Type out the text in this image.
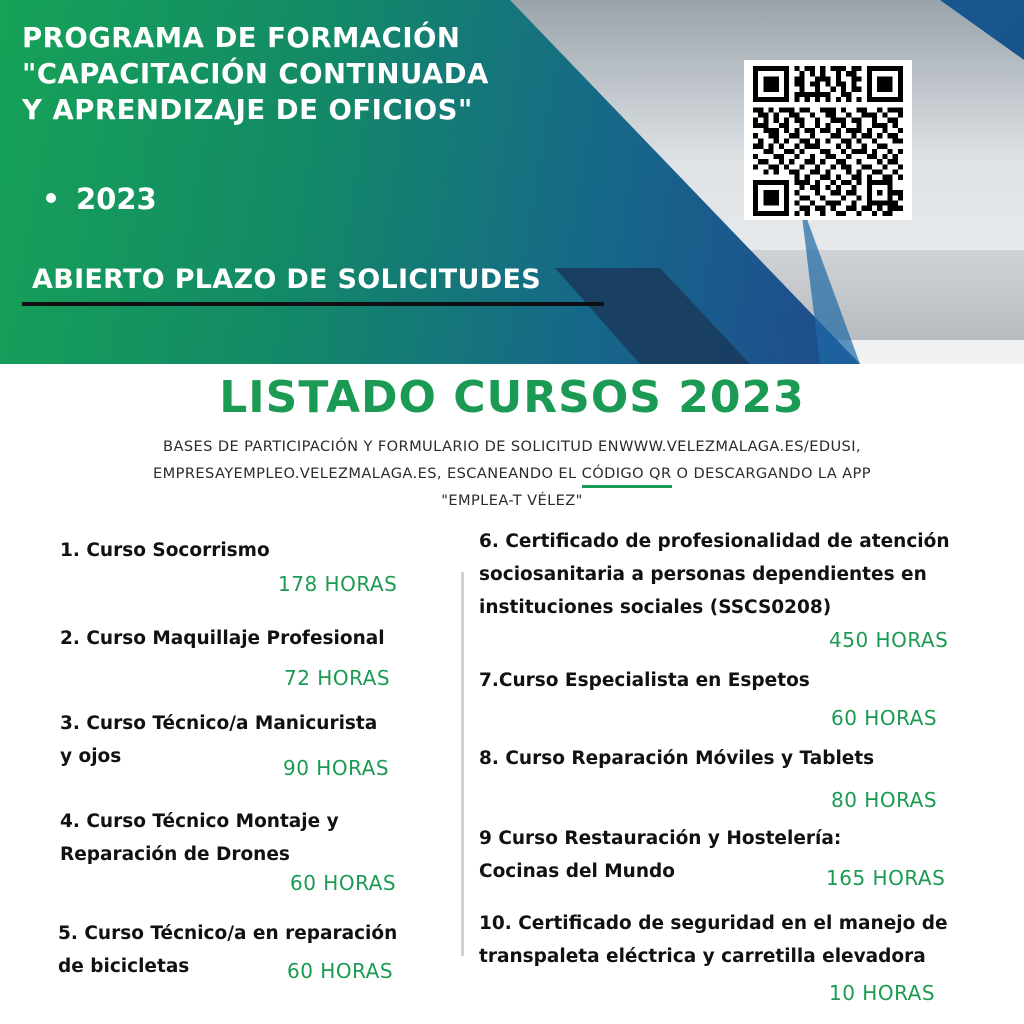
PROGRAMA DE FORMACIÓN
"CAPACITACIÓN CONTINUADA
Y APRENDIZAJE DE OFICIOS"
2023
ABIERTO PLAZO DE SOLICITUDES
LISTADO CURSOS 2023
BASES DE PARTICIPACIÓN Y FORMULARIO DE SOLICITUD ENWWW.VELEZMALAGA.ES/EDUSI,
EMPRESAYEMPLEO.VELEZMALAGA.ES, ESCANEANDO EL CÓDIGO QR O DESCARGANDO LA APP
"EMPLEA-T VÉLEZ"
1. Curso Socorrismo
178 HORAS
2. Curso Maquillaje Profesional
72 HORAS
3. Curso Técnico/a Manicurista
y ojos	90 HORAS
4. Curso Técnico Montaje y
Reparación de Drones
60 HORAS
5. Curso Técnico/a en reparación
de bicicletas	60 HORAS
6. Certificado de profesionalidad de atención
sociosanitaria a personas dependientes en
instituciones sociales (SSCS0208)
450 HORAS
7.Curso Especialista en Espetos
60 HORAS
8. Curso Reparación Móviles y Tablets
80 HORAS
9 Curso Restauración y Hostelería:
Cocinas del Mundo	165 HORAS
10. Certificado de seguridad en el manejo de
transpaleta eléctrica y carretilla elevadora
10 HORAS
